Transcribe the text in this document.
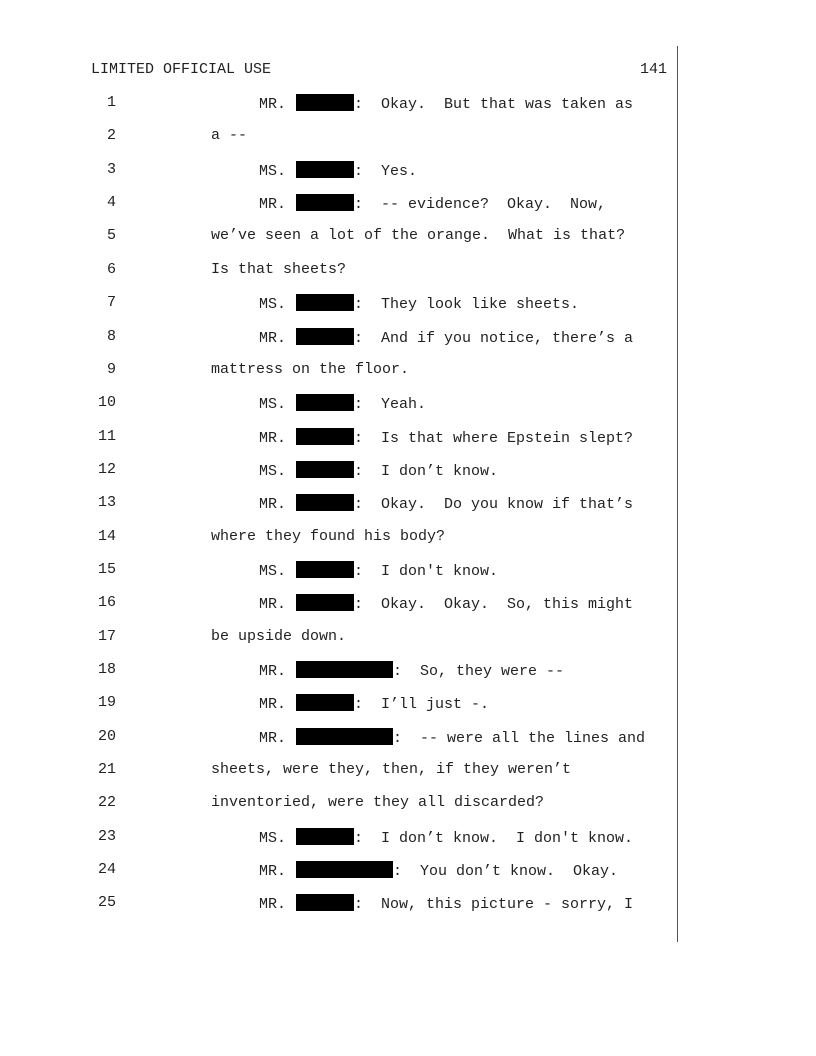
LIMITED OFFICIAL USE	141
1	MR.	:  Okay.  But that was taken as
2	a --
3	MS.	:  Yes.
4	MR.	:  -- evidence?  Okay.  Now,
5	we’ve seen a lot of the orange.  What is that?
6	Is that sheets?
7	MS.	:  They look like sheets.
8	MR.	:  And if you notice, there’s a
9	mattress on the floor.
10	MS.	:  Yeah.
11	MR.	:  Is that where Epstein slept?
12	MS.	:  I don’t know.
13	MR.	:  Okay.  Do you know if that’s
14	where they found his body?
15	MS.	:  I don't know.
16	MR.	:  Okay.  Okay.  So, this might
17	be upside down.
18	MR.	:  So, they were --
19	MR.	:  I’ll just -.
20	MR.	:  -- were all the lines and
21	sheets, were they, then, if they weren’t
22	inventoried, were they all discarded?
23	MS.	:  I don’t know.  I don't know.
24	MR.	:  You don’t know.  Okay.
25	MR.	:  Now, this picture - sorry, I
